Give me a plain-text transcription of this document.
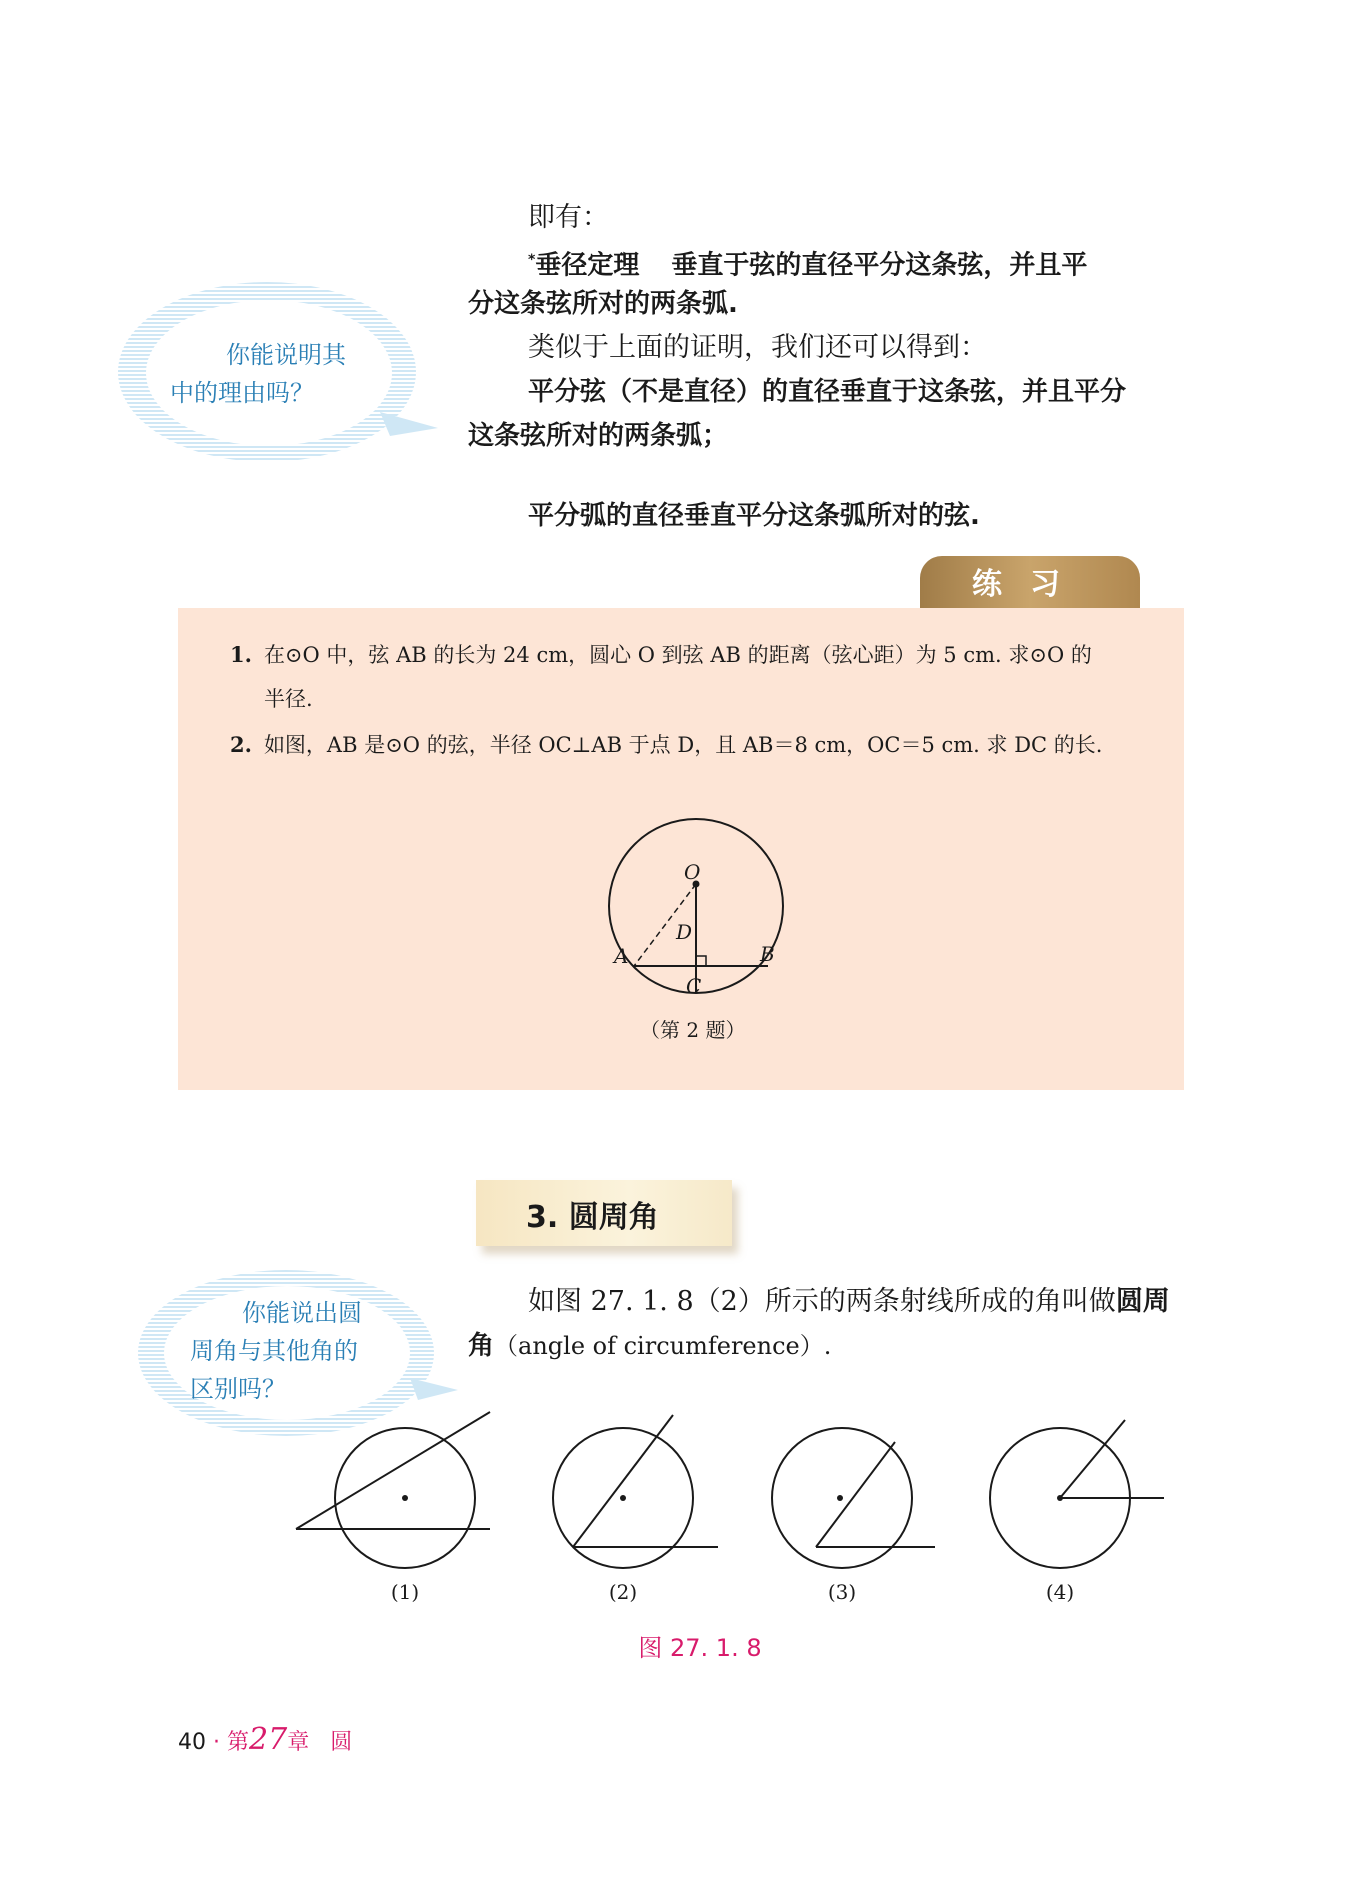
即有：
*垂径定理 垂直于弦的直径平分这条弦，并且平
分这条弦所对的两条弧.
你能说明其
中的理由吗？
类似于上面的证明，我们还可以得到：
平分弦（不是直径）的直径垂直于这条弦，并且平分
这条弦所对的两条弧；
平分弧的直径垂直平分这条弧所对的弦.
练习
1. 在⊙O 中，弦 AB 的长为 24 cm，圆心 O 到弦 AB 的距离（弦心距）为 5 cm. 求⊙O 的
半径.
2. 如图，AB 是⊙O 的弦，半径 OC⊥AB 于点 D，且 AB＝8 cm，OC＝5 cm. 求 DC 的长.
O
D
A	B
C
（第 2 题）
3. 圆周角
你能说出圆
周角与其他角的
区别吗？
如图 27. 1. 8（2）所示的两条射线所成的角叫做圆周
角（angle of circumference）.
(1)	(2)	(3)	(4)
图 27. 1. 8
40 · 第27章 圆
